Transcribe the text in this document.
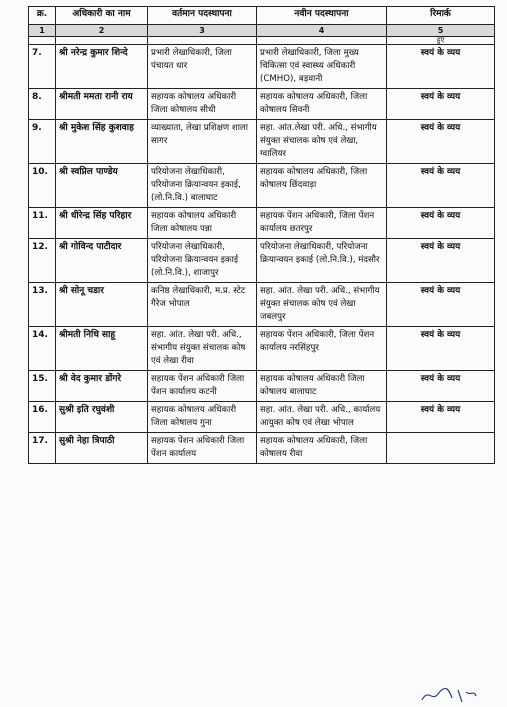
क्र.	अधिकारी का नाम	वर्तमान पदस्थापना	नवीन पदस्थापना	रिमार्क
1	2	3	4	5
				हुए
7.	श्री नरेन्द्र कुमार शिन्दे	प्रभारी लेखाधिकारी, जिला पंचायत धार	प्रभारी लेखाधिकारी, जिला मुख्य चिकित्सा एवं स्वास्थ्य अधिकारी (CMHO), बड़वानी	स्वयं के व्यय
8.	श्रीमती ममता रानी राय	सहायक कोषालय अधिकारी जिला कोषालय सीधी	सहायक कोषालय अधिकारी, जिला कोषालय सिवनी	स्वयं के व्यय
9.	श्री मुकेश सिंह कुशवाह	व्याख्याता, लेखा प्रशिक्षण शाला सागर	सहा. आंत.लेखा परी. अधि., संभागीय संयुक्त संचालक कोष एवं लेखा, ग्वालियर	स्वयं के व्यय
10.	श्री स्वप्निल पाण्डेय	परियोजना लेखाधिकारी, परियोजना क्रियान्वयन इकाई, (लो.नि.वि.) बालाघाट	सहायक कोषालय अधिकारी, जिला कोषालय छिंदवाड़ा	स्वयं के व्यय
11.	श्री धीरेन्द्र सिंह परिहार	सहायक कोषालय अधिकारी जिला कोषालय पन्ना	सहायक पेंशन अधिकारी, जिला पेंशन कार्यालय छतरपुर	स्वयं के व्यय
12.	श्री गोविन्द पाटीदार	परियोजना लेखाधिकारी, परियोजना क्रियान्वयन इकाई (लो.नि.वि.), शाजापुर	परियोजना लेखाधिकारी, परियोजना क्रियान्वयन इकाई (लो.नि.वि.), मंदसौर	स्वयं के व्यय
13.	श्री सोनू चडार	कनिष्ठ लेखाधिकारी, म.प्र. स्टेट गैरेज भोपाल	सहा. आंत. लेखा परी. अधि., संभागीय संयुक्त संचालक कोष एवं लेखा जबलपुर	स्वयं के व्यय
14.	श्रीमती निधि साहू	सहा. आंत. लेखा परी. अधि., संभागीय संयुक्त संचालक कोष एवं लेखा रीवा	सहायक पेंशन अधिकारी, जिला पेंशन कार्यालय नरसिंहपुर	स्वयं के व्यय
15.	श्री वेद कुमार डोंगरे	सहायक पेंशन अधिकारी जिला पेंशन कार्यालय कटनी	सहायक कोषालय अधिकारी जिला कोषालय बालाघाट	स्वयं के व्यय
16.	सुश्री इति रघुवंशी	सहायक कोषालय अधिकारी जिला कोषालय गुना	सहा. आंत. लेखा परी. अधि., कार्यालय आयुक्त कोष एवं लेखा भोपाल	स्वयं के व्यय
17.	सुश्री नेहा त्रिपाठी	सहायक पेंशन अधिकारी जिला पेंशन कार्यालय	सहायक कोषालय अधिकारी, जिला कोषालय रीवा	
